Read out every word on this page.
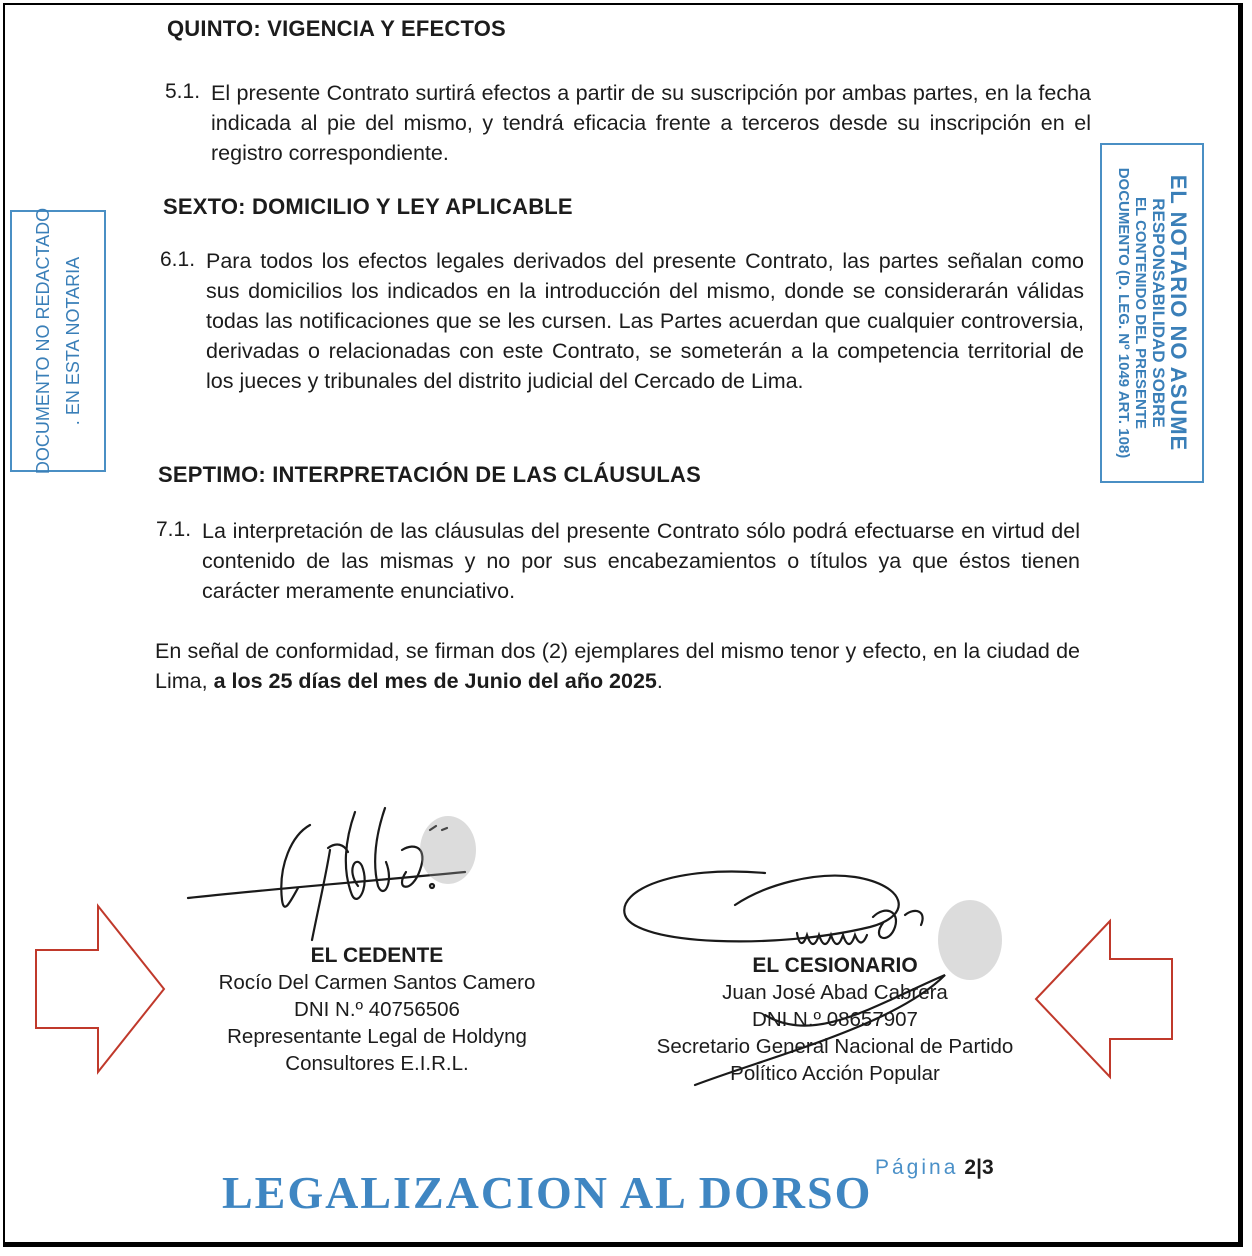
QUINTO: VIGENCIA Y EFECTOS
5.1. El presente Contrato surtirá efectos a partir de su suscripción por ambas partes, en la fecha indicada al pie del mismo, y tendrá eficacia frente a terceros desde su inscripción en el registro correspondiente.
SEXTO: DOMICILIO Y LEY APLICABLE
6.1. Para todos los efectos legales derivados del presente Contrato, las partes señalan como sus domicilios los indicados en la introducción del mismo, donde se considerarán válidas todas las notificaciones que se les cursen. Las Partes acuerdan que cualquier controversia, derivadas o relacionadas con este Contrato, se someterán a la competencia territorial de los jueces y tribunales del distrito judicial del Cercado de Lima.
SEPTIMO: INTERPRETACIÓN DE LAS CLÁUSULAS
7.1. La interpretación de las cláusulas del presente Contrato sólo podrá efectuarse en virtud del contenido de las mismas y no por sus encabezamientos o títulos ya que éstos tienen carácter meramente enunciativo.
En señal de conformidad, se firman dos (2) ejemplares del mismo tenor y efecto, en la ciudad de Lima, a los 25 días del mes de Junio del año 2025.
DOCUMENTO NO REDACTADO . EN ESTA NOTARIA	EL NOTARIO NO ASUME
RESPONSABILIDAD SOBRE
EL CONTENIDO DEL PRESENTE
DOCUMENTO (D. LEG. Nº 1049 ART. 108)
EL CEDENTE
Rocío Del Carmen Santos Camero
DNI N.º 40756506
Representante Legal de Holdyng
Consultores E.I.R.L.
EL CESIONARIO
Juan José Abad Cabrera
DNI N.º 08657907
Secretario General Nacional de Partido
Político Acción Popular
LEGALIZACION AL DORSO Página 2|3
